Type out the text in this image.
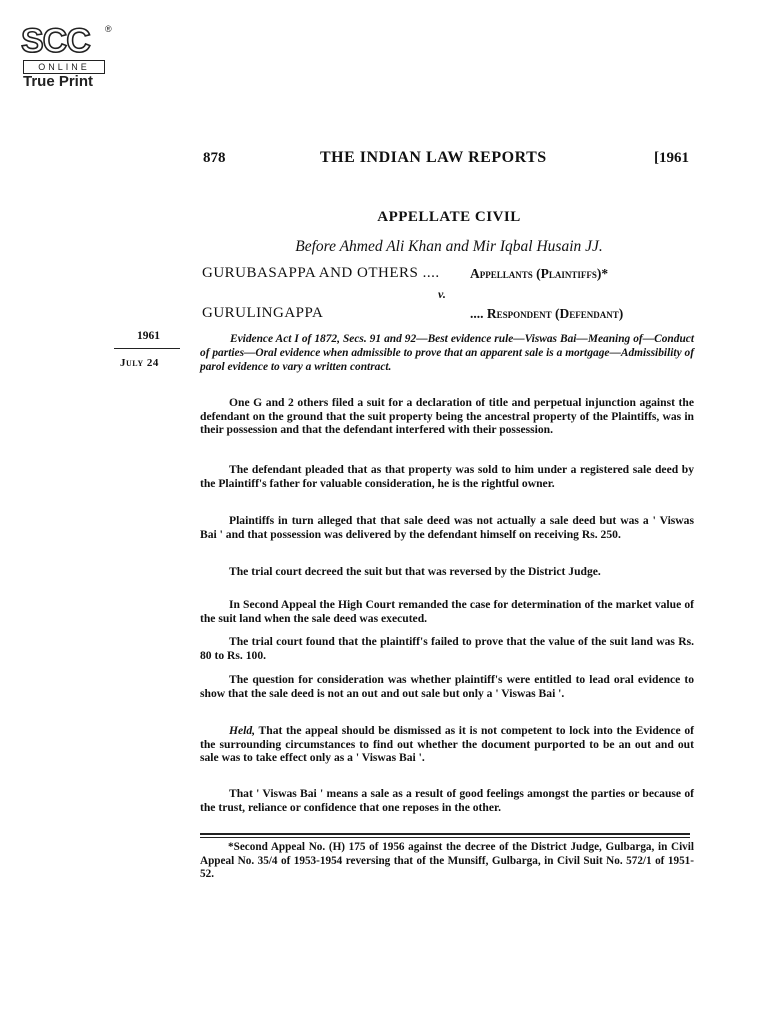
SCC ®
ONLINE
True Print
878	THE INDIAN LAW REPORTS	[1961
APPELLATE CIVIL
Before Ahmed Ali Khan and Mir Iqbal Husain JJ.
GURUBASAPPA AND OTHERS .... Appellants (Plaintiffs)*
v.
GURULINGAPPA	.... Respondent (Defendant)
1961
July 24
Evidence Act I of 1872, Secs. 91 and 92—Best evidence rule—Viswas Bai—Meaning of—Conduct of parties—Oral evidence when admissible to prove that an apparent sale is a mortgage—Admissibility of parol evidence to vary a written contract.

One G and 2 others filed a suit for a declaration of title and perpetual injunction against the defendant on the ground that the suit property being the ancestral property of the Plaintiffs, was in their possession and that the defendant interfered with their possession.

The defendant pleaded that as that property was sold to him under a registered sale deed by the Plaintiff's father for valuable consideration, he is the rightful owner.

Plaintiffs in turn alleged that that sale deed was not actually a sale deed but was a ' Viswas Bai ' and that possession was delivered by the defendant himself on receiving Rs. 250.

The trial court decreed the suit but that was reversed by the District Judge.

In Second Appeal the High Court remanded the case for determination of the market value of the suit land when the sale deed was executed.

The trial court found that the plaintiff's failed to prove that the value of the suit land was Rs. 80 to Rs. 100.

The question for consideration was whether plaintiff's were entitled to lead oral evidence to show that the sale deed is not an out and out sale but only a ' Viswas Bai '.

Held, That the appeal should be dismissed as it is not competent to lock into the Evidence of the surrounding circumstances to find out whether the document purported to be an out and out sale was to take effect only as a ' Viswas Bai '.

That ' Viswas Bai ' means a sale as a result of good feelings amongst the parties or because of the trust, reliance or confidence that one reposes in the other.

*Second Appeal No. (H) 175 of 1956 against the decree of the District Judge, Gulbarga, in Civil Appeal No. 35/4 of 1953-1954 reversing that of the Munsiff, Gulbarga, in Civil Suit No. 572/1 of 1951-52.
